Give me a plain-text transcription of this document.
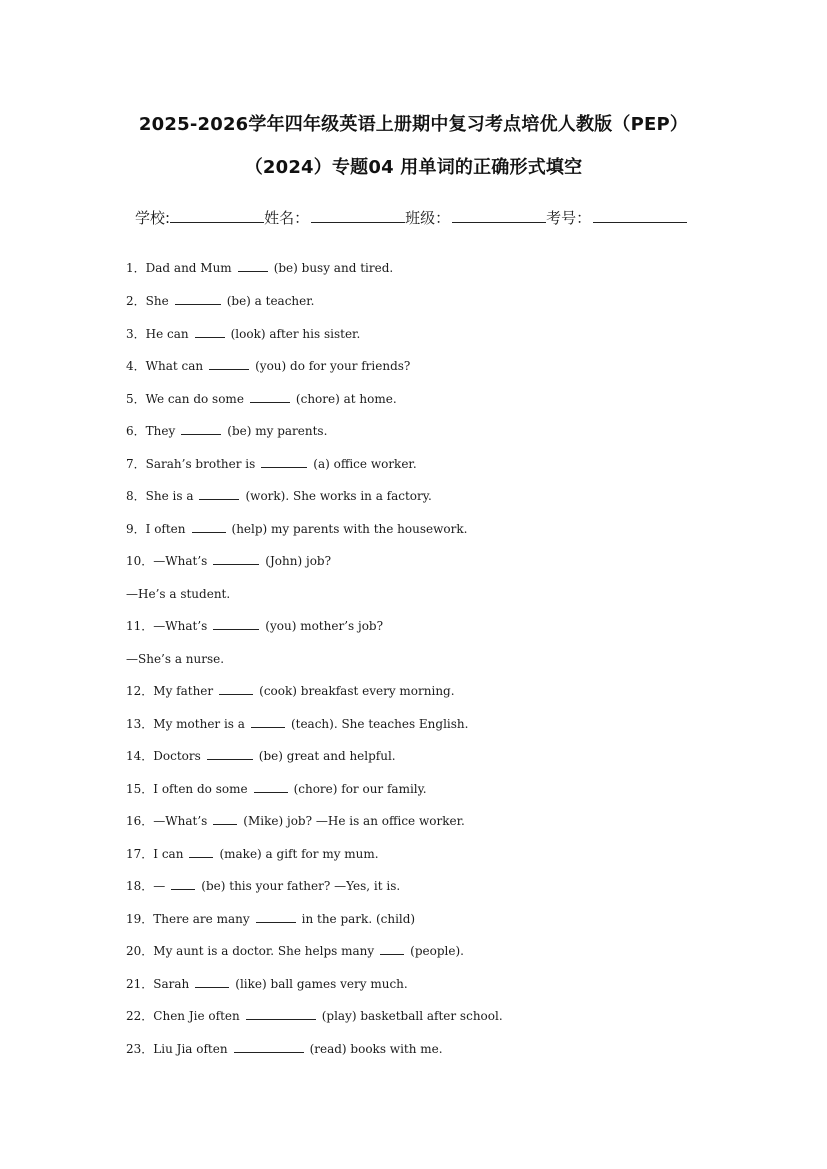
2025-2026学年四年级英语上册期中复习考点培优人教版（PEP）
（2024）专题04 用单词的正确形式填空
学校:	姓名：	班级：	考号：
1．Dad and Mum	(be) busy and tired.
2．She	(be) a teacher.
3．He can	(look) after his sister.
4．What can	(you) do for your friends?
5．We can do some	(chore) at home.
6．They	(be) my parents.
7．Sarah’s brother is	(a) office worker.
8．She is a	(work). She works in a factory.
9．I often	(help) my parents with the housework.
10．—What’s	(John) job?
—He’s a student.
11．—What’s	(you) mother’s job?
—She’s a nurse.
12．My father	(cook) breakfast every morning.
13．My mother is a	(teach). She teaches English.
14．Doctors	(be) great and helpful.
15．I often do some	(chore) for our family.
16．—What’s	(Mike) job? —He is an office worker.
17．I can	(make) a gift for my mum.
18．—	(be) this your father? —Yes, it is.
19．There are many	in the park. (child)
20．My aunt is a doctor. She helps many	(people).
21．Sarah	(like) ball games very much.
22．Chen Jie often	(play) basketball after school.
23．Liu Jia often	(read) books with me.
